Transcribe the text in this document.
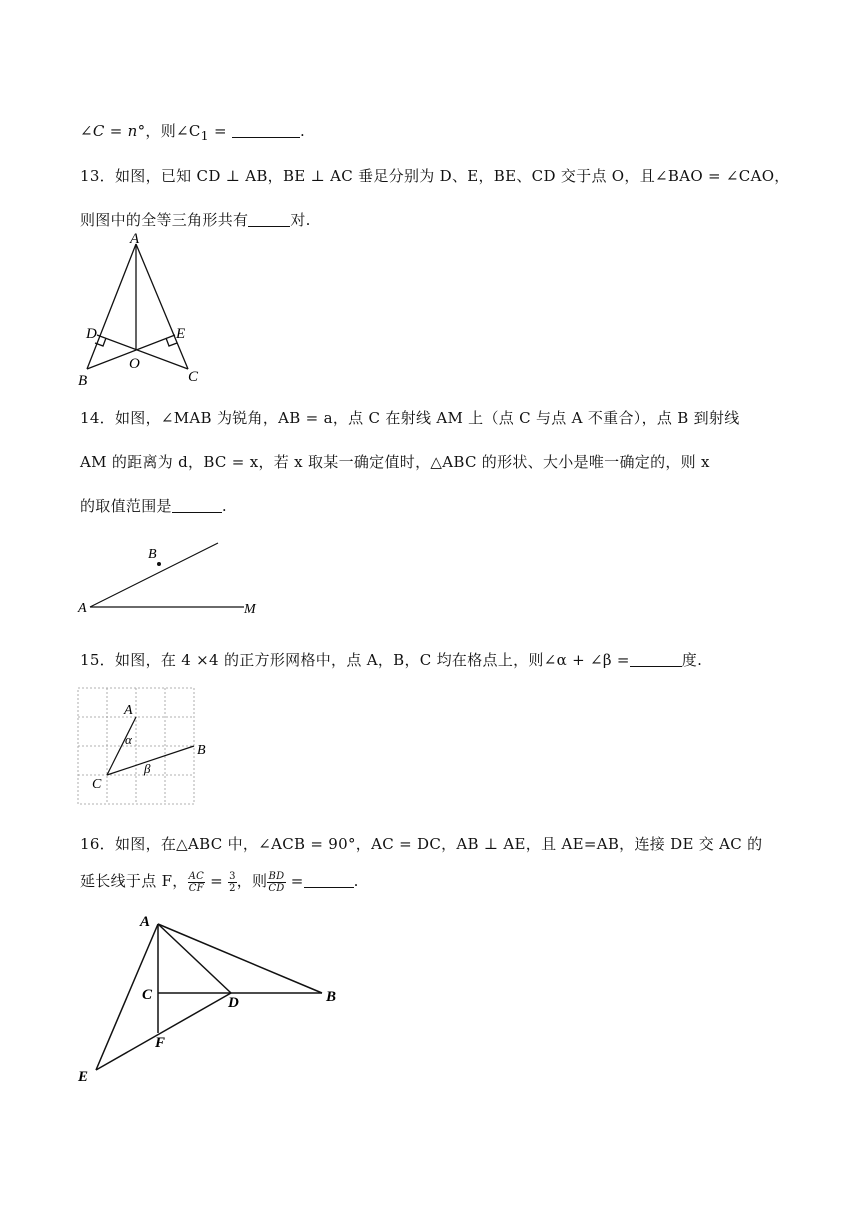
∠C = n°，则$\angle C_1$ =	.
13．如图，已知 CD ⊥ AB，BE ⊥ AC 垂足分别为 D、E，BE、CD 交于点 O，且∠BAO = ∠CAO，
则图中的全等三角形共有	对.
A
D	E
O
B	C
14．如图，∠MAB 为锐角，AB = a，点 C 在射线 AM 上（点 C 与点 A 不重合），点 B 到射线
AM 的距离为 d，BC = x，若 x 取某一确定值时，△ABC 的形状、大小是唯一确定的，则 x
的取值范围是	.
B
A	M
15．如图，在 4 ×4 的正方形网格中，点 A，B，C 均在格点上，则∠α + ∠β =	度.
A
B
C
α
β
16．如图，在△ABC 中，∠ACB = 90°，AC = DC，AB ⊥ AE，且 AE=AB，连接 DE 交 AC 的
延长线于点 F， $\frac{AC}{CF} = \frac{3}{2}$ ，则 $\frac{BD}{CD}$ =	.
A
C	D	B
F
E
